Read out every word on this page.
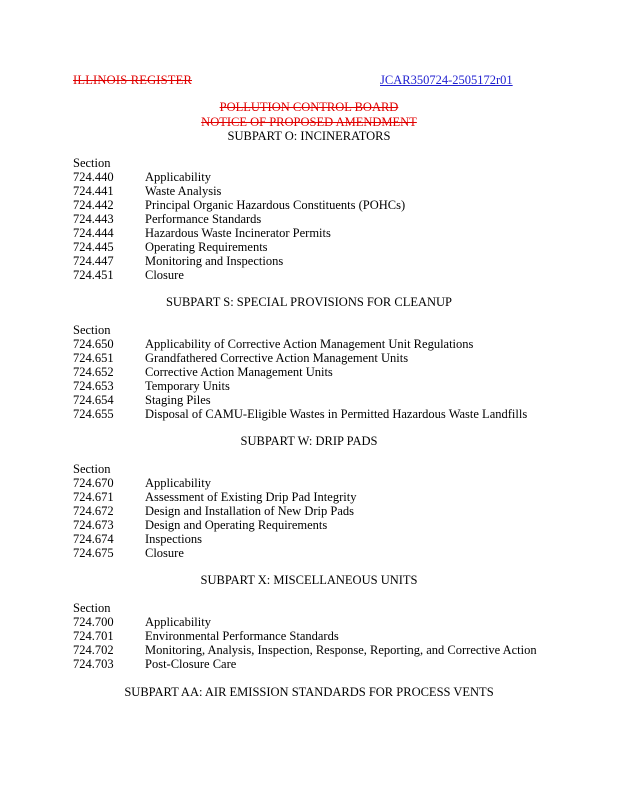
ILLINOIS REGISTER	JCAR350724-2505172r01
POLLUTION CONTROL BOARD
NOTICE OF PROPOSED AMENDMENT
SUBPART O: INCINERATORS
Section
724.440	Applicability
724.441	Waste Analysis
724.442	Principal Organic Hazardous Constituents (POHCs)
724.443	Performance Standards
724.444	Hazardous Waste Incinerator Permits
724.445	Operating Requirements
724.447	Monitoring and Inspections
724.451	Closure
SUBPART S: SPECIAL PROVISIONS FOR CLEANUP
Section
724.650	Applicability of Corrective Action Management Unit Regulations
724.651	Grandfathered Corrective Action Management Units
724.652	Corrective Action Management Units
724.653	Temporary Units
724.654	Staging Piles
724.655	Disposal of CAMU-Eligible Wastes in Permitted Hazardous Waste Landfills
SUBPART W: DRIP PADS
Section
724.670	Applicability
724.671	Assessment of Existing Drip Pad Integrity
724.672	Design and Installation of New Drip Pads
724.673	Design and Operating Requirements
724.674	Inspections
724.675	Closure
SUBPART X: MISCELLANEOUS UNITS
Section
724.700	Applicability
724.701	Environmental Performance Standards
724.702	Monitoring, Analysis, Inspection, Response, Reporting, and Corrective Action
724.703	Post-Closure Care
SUBPART AA: AIR EMISSION STANDARDS FOR PROCESS VENTS
